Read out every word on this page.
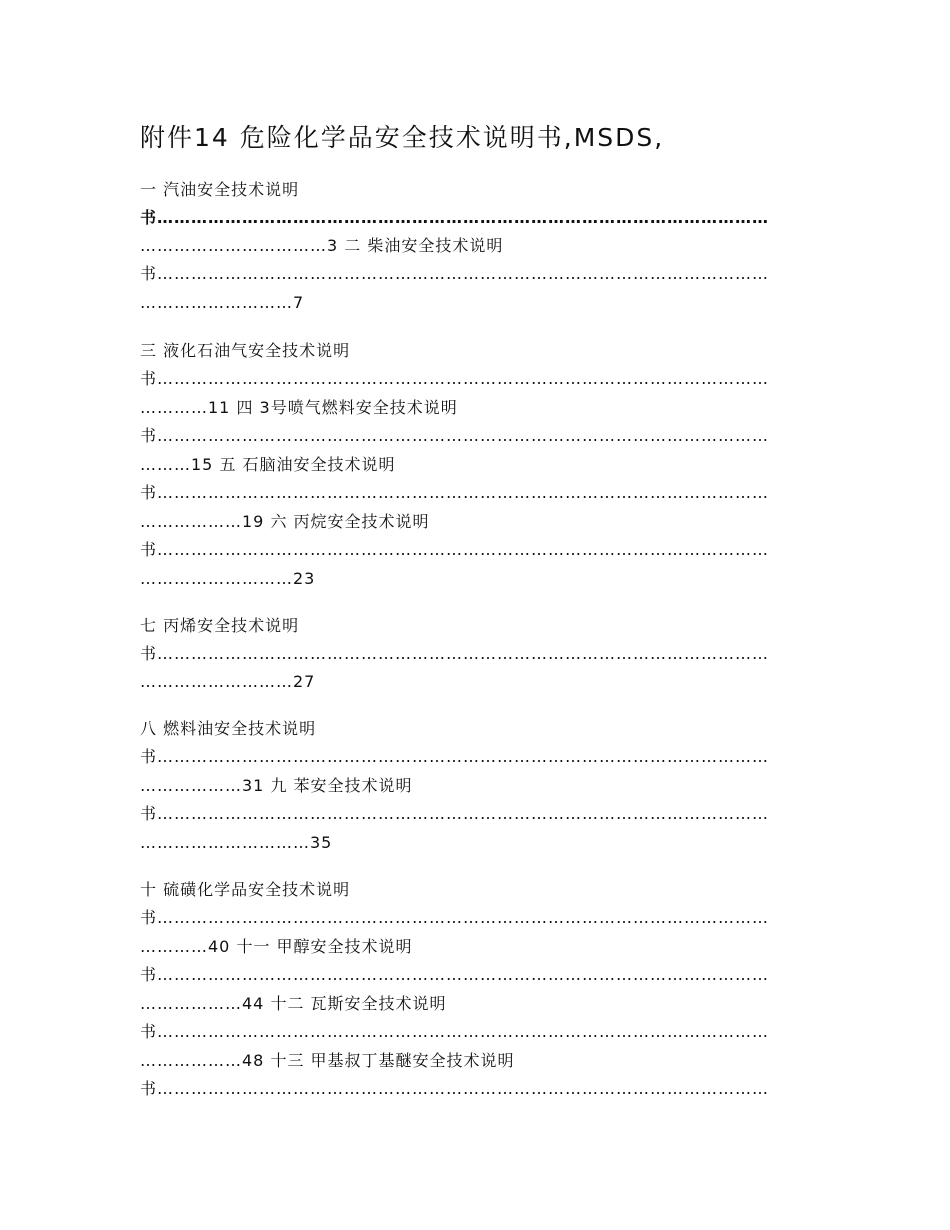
附件14 危险化学品安全技术说明书,MSDS,
一 汽油安全技术说明
书………………………………………………………………………………………………
……………………………3 二 柴油安全技术说明
书………………………………………………………………………………………………
………………………7
三 液化石油气安全技术说明
书………………………………………………………………………………………………
…………11 四 3号喷气燃料安全技术说明
书………………………………………………………………………………………………
………15 五 石脑油安全技术说明
书………………………………………………………………………………………………
………………19 六 丙烷安全技术说明
书………………………………………………………………………………………………
………………………23
七 丙烯安全技术说明
书………………………………………………………………………………………………
………………………27
八 燃料油安全技术说明
书………………………………………………………………………………………………
………………31 九 苯安全技术说明
书………………………………………………………………………………………………
…………………………35
十 硫磺化学品安全技术说明
书………………………………………………………………………………………………
…………40 十一 甲醇安全技术说明
书………………………………………………………………………………………………
………………44 十二 瓦斯安全技术说明
书………………………………………………………………………………………………
………………48 十三 甲基叔丁基醚安全技术说明
书………………………………………………………………………………………………
